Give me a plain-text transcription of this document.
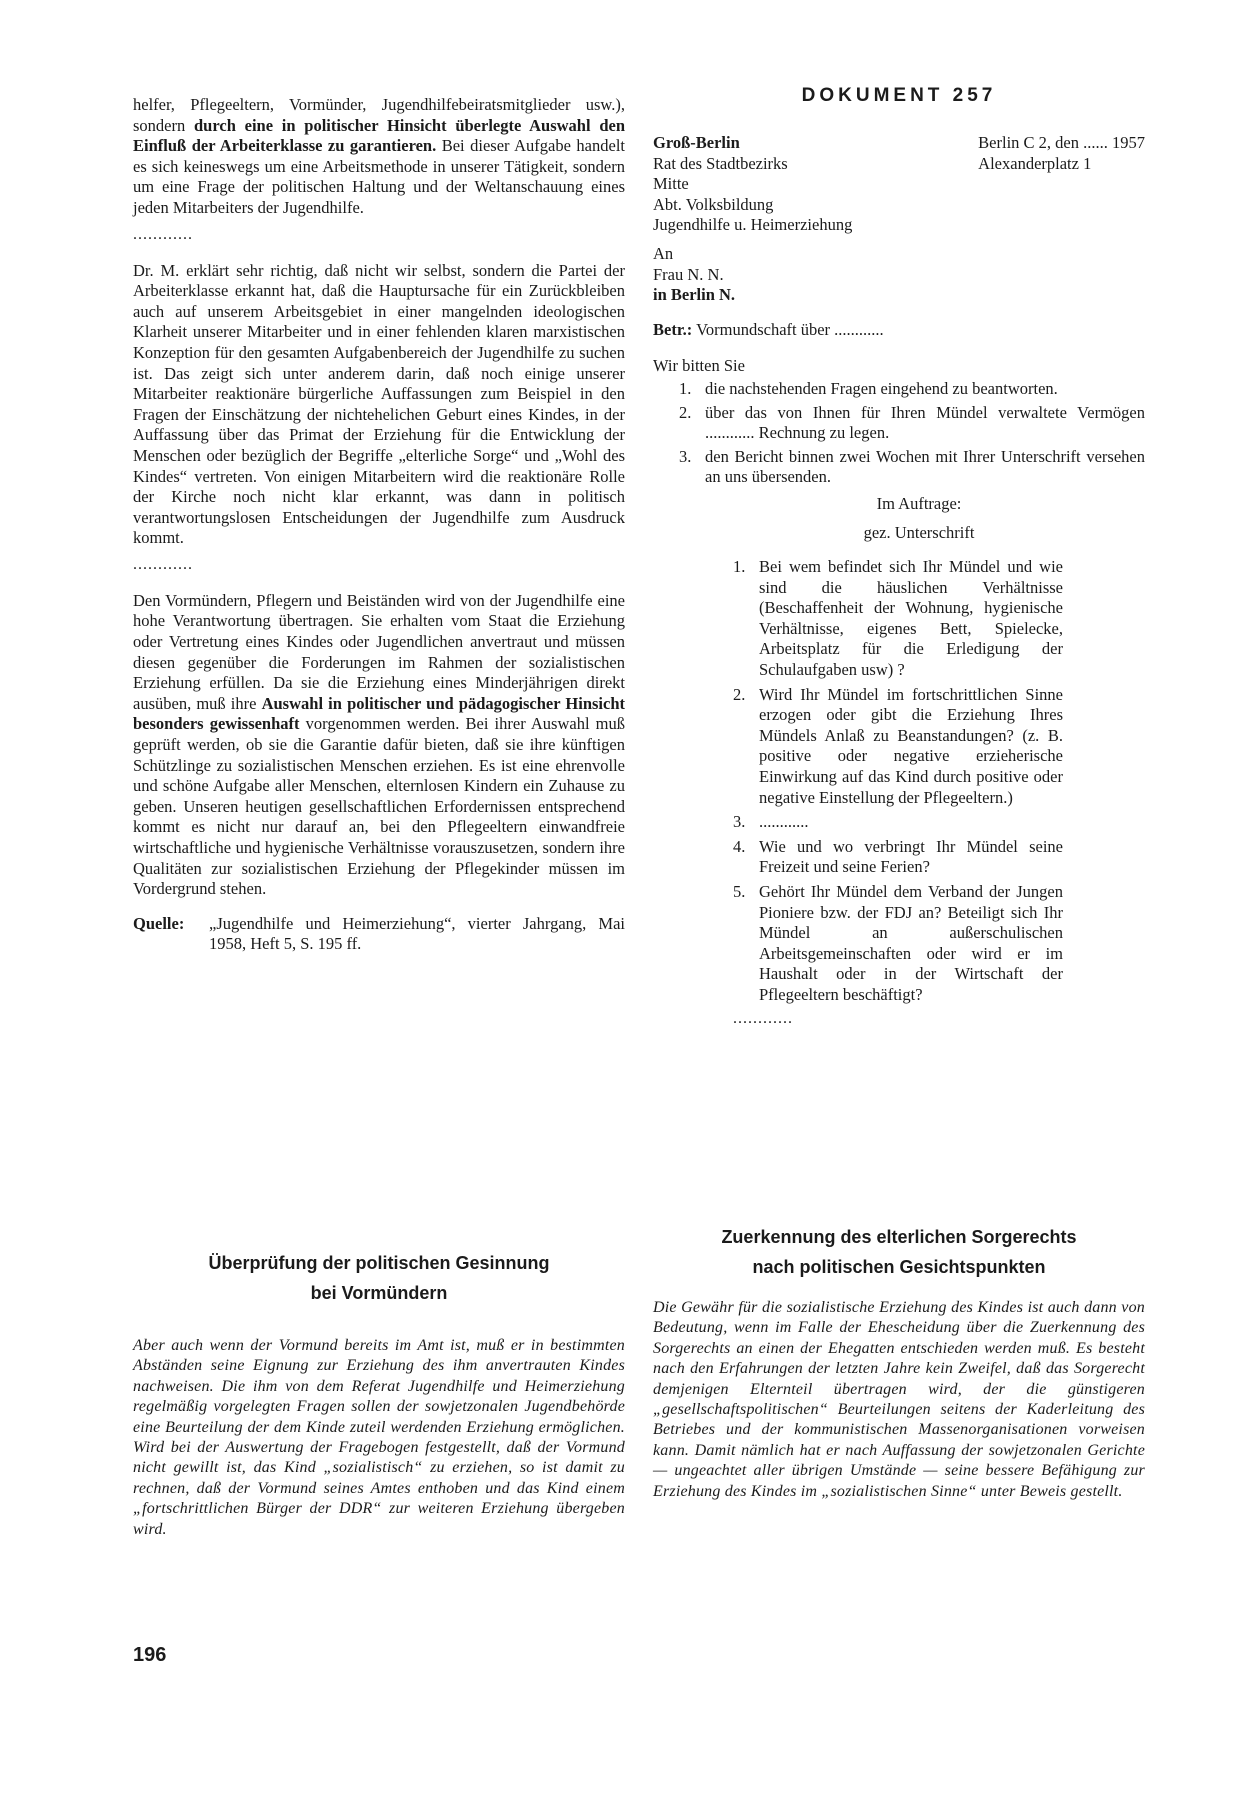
helfer, Pflegeeltern, Vormünder, Jugendhilfebeiratsmitglieder usw.), sondern durch eine in politischer Hinsicht überlegte Auswahl den Einfluß der Arbeiterklasse zu garantieren. Bei dieser Aufgabe handelt es sich keineswegs um eine Arbeitsmethode in unserer Tätigkeit, sondern um eine Frage der politischen Haltung und der Weltanschauung eines jeden Mitarbeiters der Jugendhilfe.

............

Dr. M. erklärt sehr richtig, daß nicht wir selbst, sondern die Partei der Arbeiterklasse erkannt hat, daß die Hauptursache für ein Zurückbleiben auch auf unserem Arbeitsgebiet in einer mangelnden ideologischen Klarheit unserer Mitarbeiter und in einer fehlenden klaren marxistischen Konzeption für den gesamten Aufgabenbereich der Jugendhilfe zu suchen ist. Das zeigt sich unter anderem darin, daß noch einige unserer Mitarbeiter reaktionäre bürgerliche Auffassungen zum Beispiel in den Fragen der Einschätzung der nichtehelichen Geburt eines Kindes, in der Auffassung über das Primat der Erziehung für die Entwicklung der Menschen oder bezüglich der Begriffe „elterliche Sorge“ und „Wohl des Kindes“ vertreten. Von einigen Mitarbeitern wird die reaktionäre Rolle der Kirche noch nicht klar erkannt, was dann in politisch verantwortungslosen Entscheidungen der Jugendhilfe zum Ausdruck kommt.

............

Den Vormündern, Pflegern und Beiständen wird von der Jugendhilfe eine hohe Verantwortung übertragen. Sie erhalten vom Staat die Erziehung oder Vertretung eines Kindes oder Jugendlichen anvertraut und müssen diesen gegenüber die Forderungen im Rahmen der sozialistischen Erziehung erfüllen. Da sie die Erziehung eines Minderjährigen direkt ausüben, muß ihre Auswahl in politischer und pädagogischer Hinsicht besonders gewissenhaft vorgenommen werden. Bei ihrer Auswahl muß geprüft werden, ob sie die Garantie dafür bieten, daß sie ihre künftigen Schützlinge zu sozialistischen Menschen erziehen. Es ist eine ehrenvolle und schöne Aufgabe aller Menschen, elternlosen Kindern ein Zuhause zu geben. Unseren heutigen gesellschaftlichen Erfordernissen entsprechend kommt es nicht nur darauf an, bei den Pflegeeltern einwandfreie wirtschaftliche und hygienische Verhältnisse vorauszusetzen, sondern ihre Qualitäten zur sozialistischen Erziehung der Pflegekinder müssen im Vordergrund stehen.

Quelle:	„Jugendhilfe und Heimerziehung“, vierter Jahrgang, Mai 1958, Heft 5, S. 195 ff.
Überprüfung der politischen Gesinnung
bei Vormündern

Aber auch wenn der Vormund bereits im Amt ist, muß er in bestimmten Abständen seine Eignung zur Erziehung des ihm anvertrauten Kindes nachweisen. Die ihm von dem Referat Jugendhilfe und Heimerziehung regelmäßig vorgelegten Fragen sollen der sowjetzonalen Jugendbehörde eine Beurteilung der dem Kinde zuteil werdenden Erziehung ermöglichen. Wird bei der Auswertung der Fragebogen festgestellt, daß der Vormund nicht gewillt ist, das Kind „sozialistisch“ zu erziehen, so ist damit zu rechnen, daß der Vormund seines Amtes enthoben und das Kind einem „fortschrittlichen Bürger der DDR“ zur weiteren Erziehung übergeben wird.

DOKUMENT 257
Groß-Berlin
Rat des Stadtbezirks
Mitte
Abt. Volksbildung
Jugendhilfe u. Heimerziehung
Berlin C 2, den ...... 1957
Alexanderplatz 1
An
Frau N. N.
in Berlin N.
Betr.: Vormundschaft über ............
Wir bitten Sie
1. die nachstehenden Fragen eingehend zu beantworten.
2. über das von Ihnen für Ihren Mündel verwaltete Vermögen ............ Rechnung zu legen.
3. den Bericht binnen zwei Wochen mit Ihrer Unterschrift versehen an uns übersenden.
Im Auftrage:
gez. Unterschrift
1. Bei wem befindet sich Ihr Mündel und wie sind die häuslichen Verhältnisse (Beschaffenheit der Wohnung, hygienische Verhältnisse, eigenes Bett, Spielecke, Arbeitsplatz für die Erledigung der Schulaufgaben usw) ?
2. Wird Ihr Mündel im fortschrittlichen Sinne erzogen oder gibt die Erziehung Ihres Mündels Anlaß zu Beanstandungen? (z. B. positive oder negative erzieherische Einwirkung auf das Kind durch positive oder negative Einstellung der Pflegeeltern.)
3. ............
4. Wie und wo verbringt Ihr Mündel seine Freizeit und seine Ferien?
5. Gehört Ihr Mündel dem Verband der Jungen Pioniere bzw. der FDJ an? Beteiligt sich Ihr Mündel an außerschulischen Arbeitsgemeinschaften oder wird er im Haushalt oder in der Wirtschaft der Pflegeeltern beschäftigt?
............
Zuerkennung des elterlichen Sorgerechts
nach politischen Gesichtspunkten

Die Gewähr für die sozialistische Erziehung des Kindes ist auch dann von Bedeutung, wenn im Falle der Ehescheidung über die Zuerkennung des Sorgerechts an einen der Ehegatten entschieden werden muß. Es besteht nach den Erfahrungen der letzten Jahre kein Zweifel, daß das Sorgerecht demjenigen Elternteil übertragen wird, der die günstigeren „gesellschaftspolitischen“ Beurteilungen seitens der Kaderleitung des Betriebes und der kommunistischen Massenorganisationen vorweisen kann. Damit nämlich hat er nach Auffassung der sowjetzonalen Gerichte — ungeachtet aller übrigen Umstände — seine bessere Befähigung zur Erziehung des Kindes im „sozialistischen Sinne“ unter Beweis gestellt.

196
